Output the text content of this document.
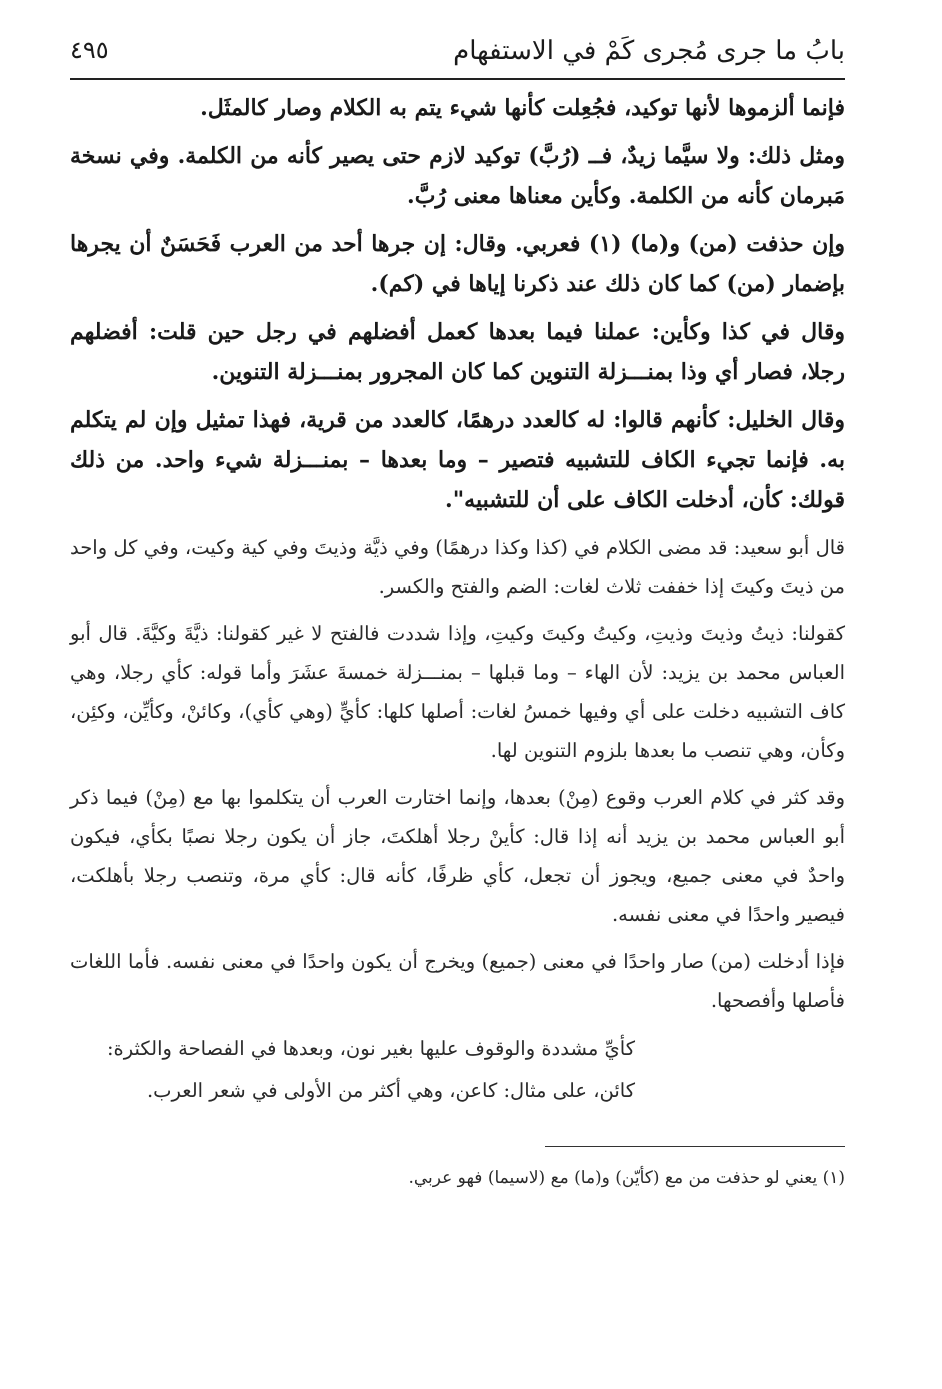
بابُ ما جرى مُجرى كَمْ في الاستفهام
٤٩٥

فإنما ألزموها لأنها توكيد، فجُعِلت كأنها شيء يتم به الكلام وصار كالمثَل.

ومثل ذلك: ولا سيَّما زيدٌ، فــ (رُبَّ) توكيد لازم حتى يصير كأنه من الكلمة. وفي نسخة مَبرمان كأنه من الكلمة. وكأين معناها معنى رُبَّ.

وإن حذفت (من) و(ما) (١) فعربي. وقال: إن جرها أحد من العرب فَحَسَنٌ أن يجرها بإضمار (من) كما كان ذلك عند ذكرنا إياها في (كم).

وقال في كذا وكأين: عملنا فيما بعدها كعمل أفضلهم في رجل حين قلت: أفضلهم رجلا، فصار أي وذا بمنـــزلة التنوين كما كان المجرور بمنـــزلة التنوين.

وقال الخليل: كأنهم قالوا: له كالعدد درهمًا، كالعدد من قرية، فهذا تمثيل وإن لم يتكلم به. فإنما تجيء الكاف للتشبيه فتصير – وما بعدها – بمنـــزلة شيء واحد. من ذلك قولك: كأن، أدخلت الكاف على أن للتشبيه".

قال أبو سعيد: قد مضى الكلام في (كذا وكذا درهمًا) وفي ذيَّة وذيتَ وفي كية وكيت، وفي كل واحد من ذيتَ وكيتَ إذا خففت ثلاث لغات: الضم والفتح والكسر.

كقولنا: ذيتُ وذيتَ وذيتِ، وكيتُ وكيتَ وكيتِ، وإذا شددت فالفتح لا غير كقولنا: ذيَّةَ وكيَّةَ. قال أبو العباس محمد بن يزيد: لأن الهاء – وما قبلها – بمنـــزلة خمسةَ عشَرَ وأما قوله: كأي رجلا، وهي كاف التشبيه دخلت على أي وفيها خمسُ لغات: أصلها كلها: كأيٍّ (وهي كأي)، وكائنْ، وكأيِّن، وكئِن، وكأن، وهي تنصب ما بعدها بلزوم التنوين لها.

وقد كثر في كلام العرب وقوع (مِنْ) بعدها، وإنما اختارت العرب أن يتكلموا بها مع (مِنْ) فيما ذكر أبو العباس محمد بن يزيد أنه إذا قال: كأينْ رجلا أهلكتَ، جاز أن يكون رجلا نصبًا بكأي، فيكون واحدٌ في معنى جميع، ويجوز أن تجعل، كأي ظرفًا، كأنه قال: كأي مرة، وتنصب رجلا بأهلكت، فيصير واحدًا في معنى نفسه.

فإذا أدخلت (من) صار واحدًا في معنى (جميع) ويخرج أن يكون واحدًا في معنى نفسه. فأما اللغات فأصلها وأفصحها.

كأيِّ مشددة والوقوف عليها بغير نون، وبعدها في الفصاحة والكثرة:
كائن، على مثال: كاعن، وهي أكثر من الأولى في شعر العرب.
(١) يعني لو حذفت من مع (كأيّن) و(ما) مع (لاسيما) فهو عربي.
